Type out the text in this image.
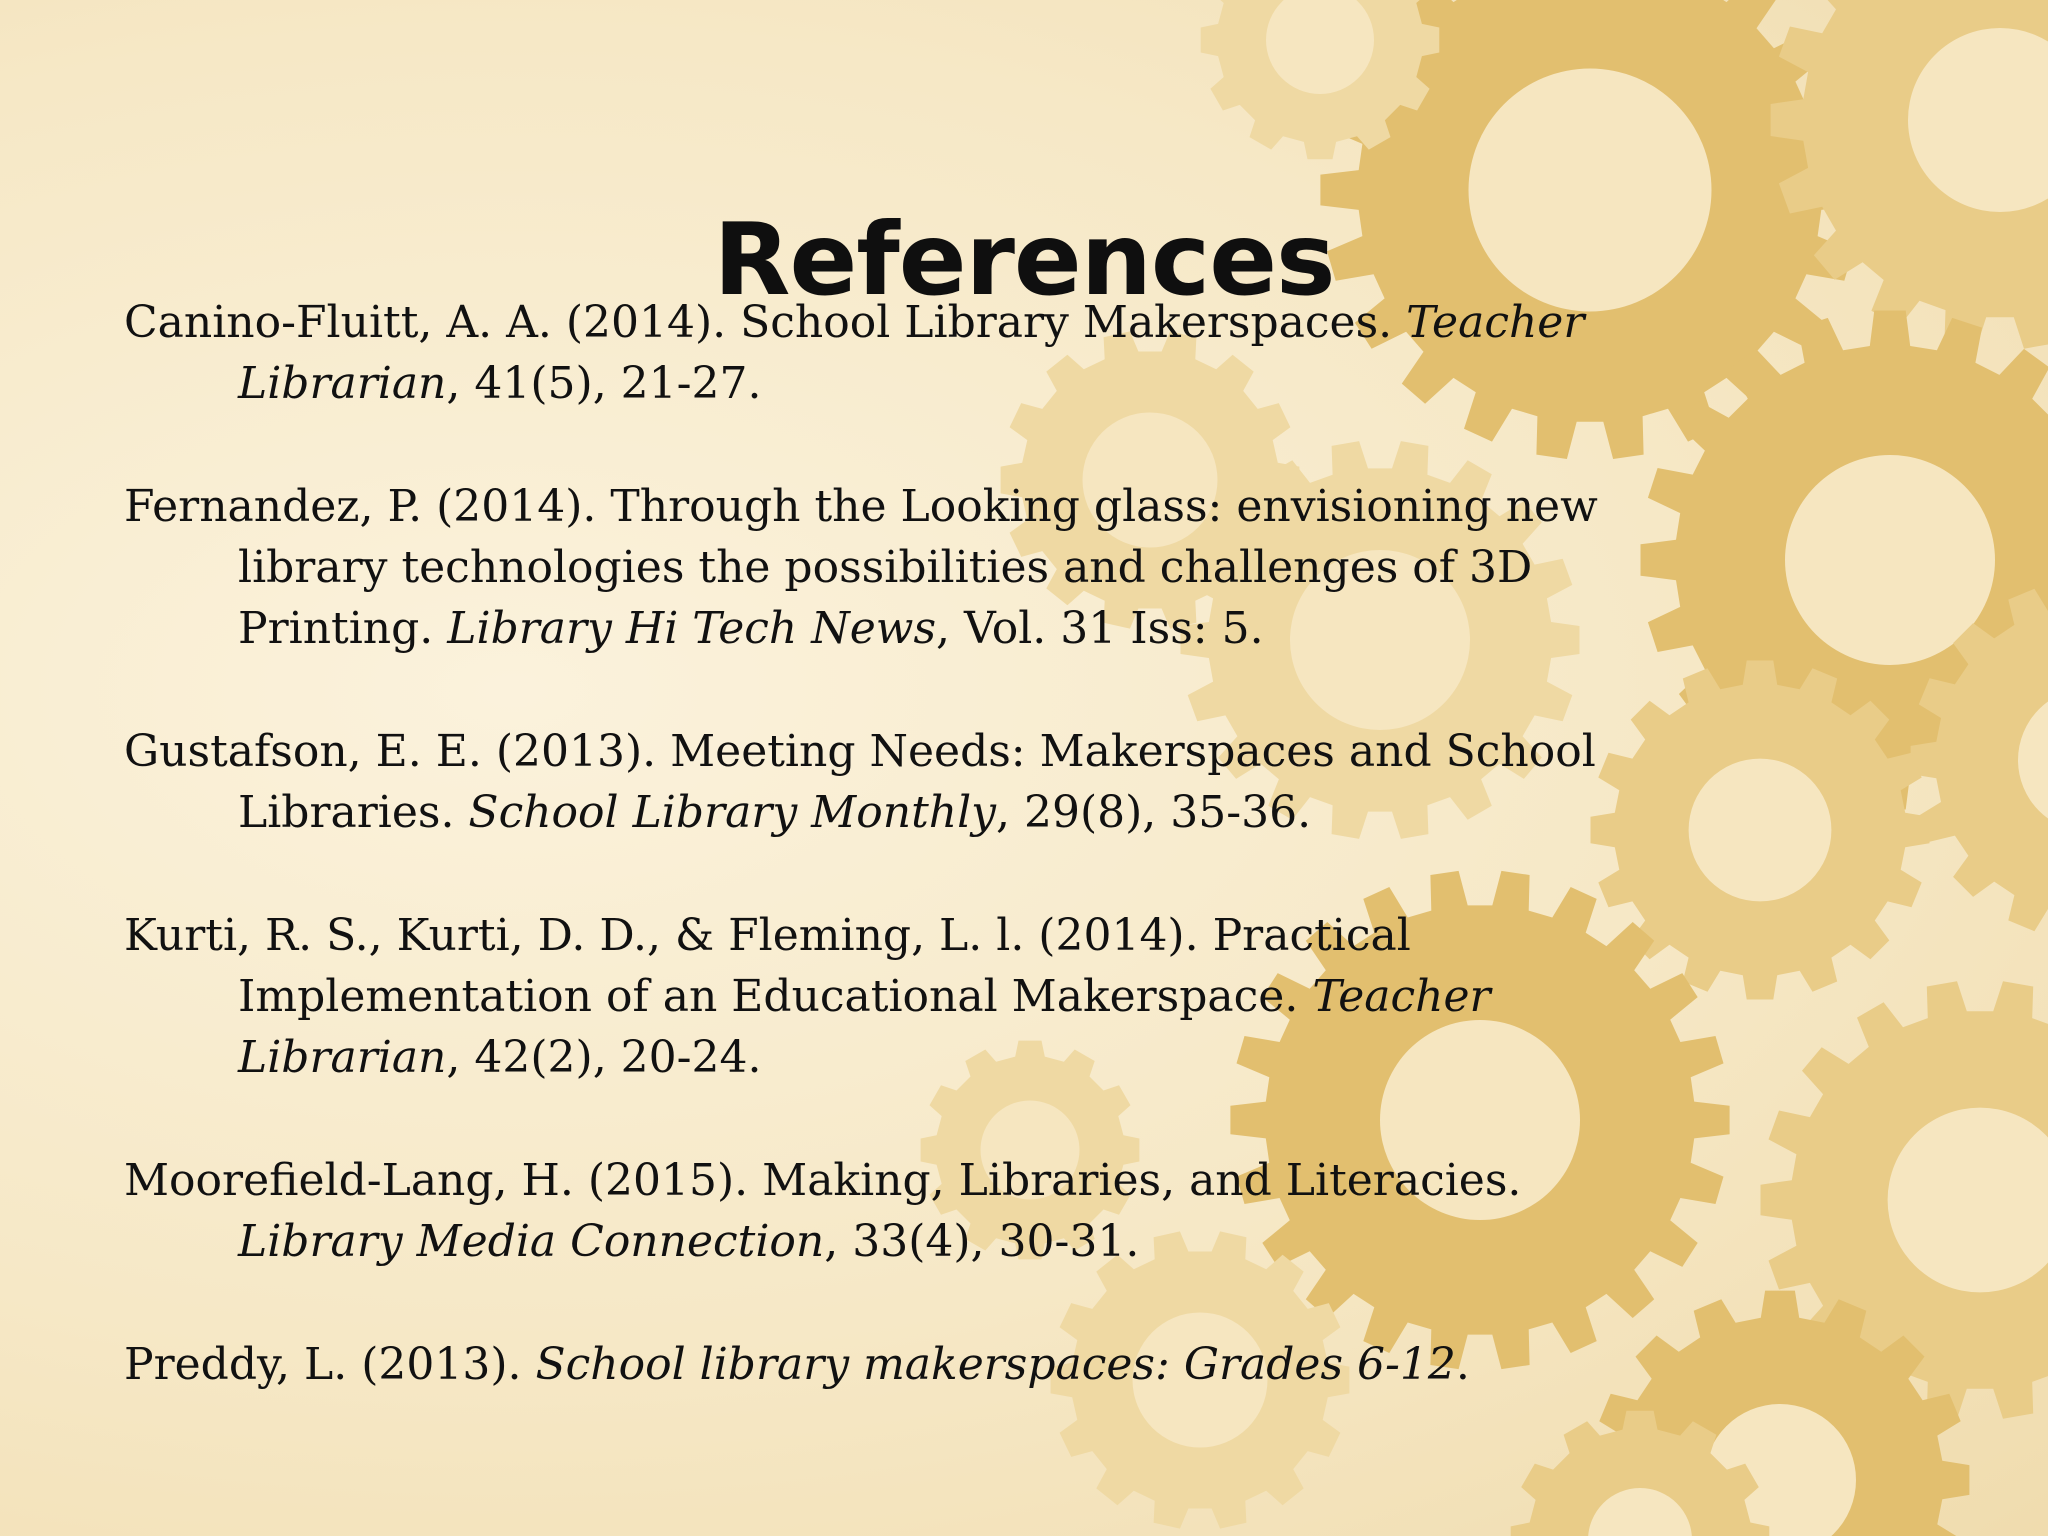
References
Canino-Fluitt, A. A. (2014). School Library Makerspaces. Teacher Librarian, 41(5), 21-27.
Fernandez, P. (2014). Through the Looking glass: envisioning new library technologies the possibilities and challenges of 3D Printing. Library Hi Tech News, Vol. 31 Iss: 5.
Gustafson, E. E. (2013). Meeting Needs: Makerspaces and School Libraries. School Library Monthly, 29(8), 35-36.
Kurti, R. S., Kurti, D. D., & Fleming, L. l. (2014). Practical Implementation of an Educational Makerspace. Teacher Librarian, 42(2), 20-24.
Moorefield-Lang, H. (2015). Making, Libraries, and Literacies. Library Media Connection, 33(4), 30-31.
Preddy, L. (2013). School library makerspaces: Grades 6-12.
